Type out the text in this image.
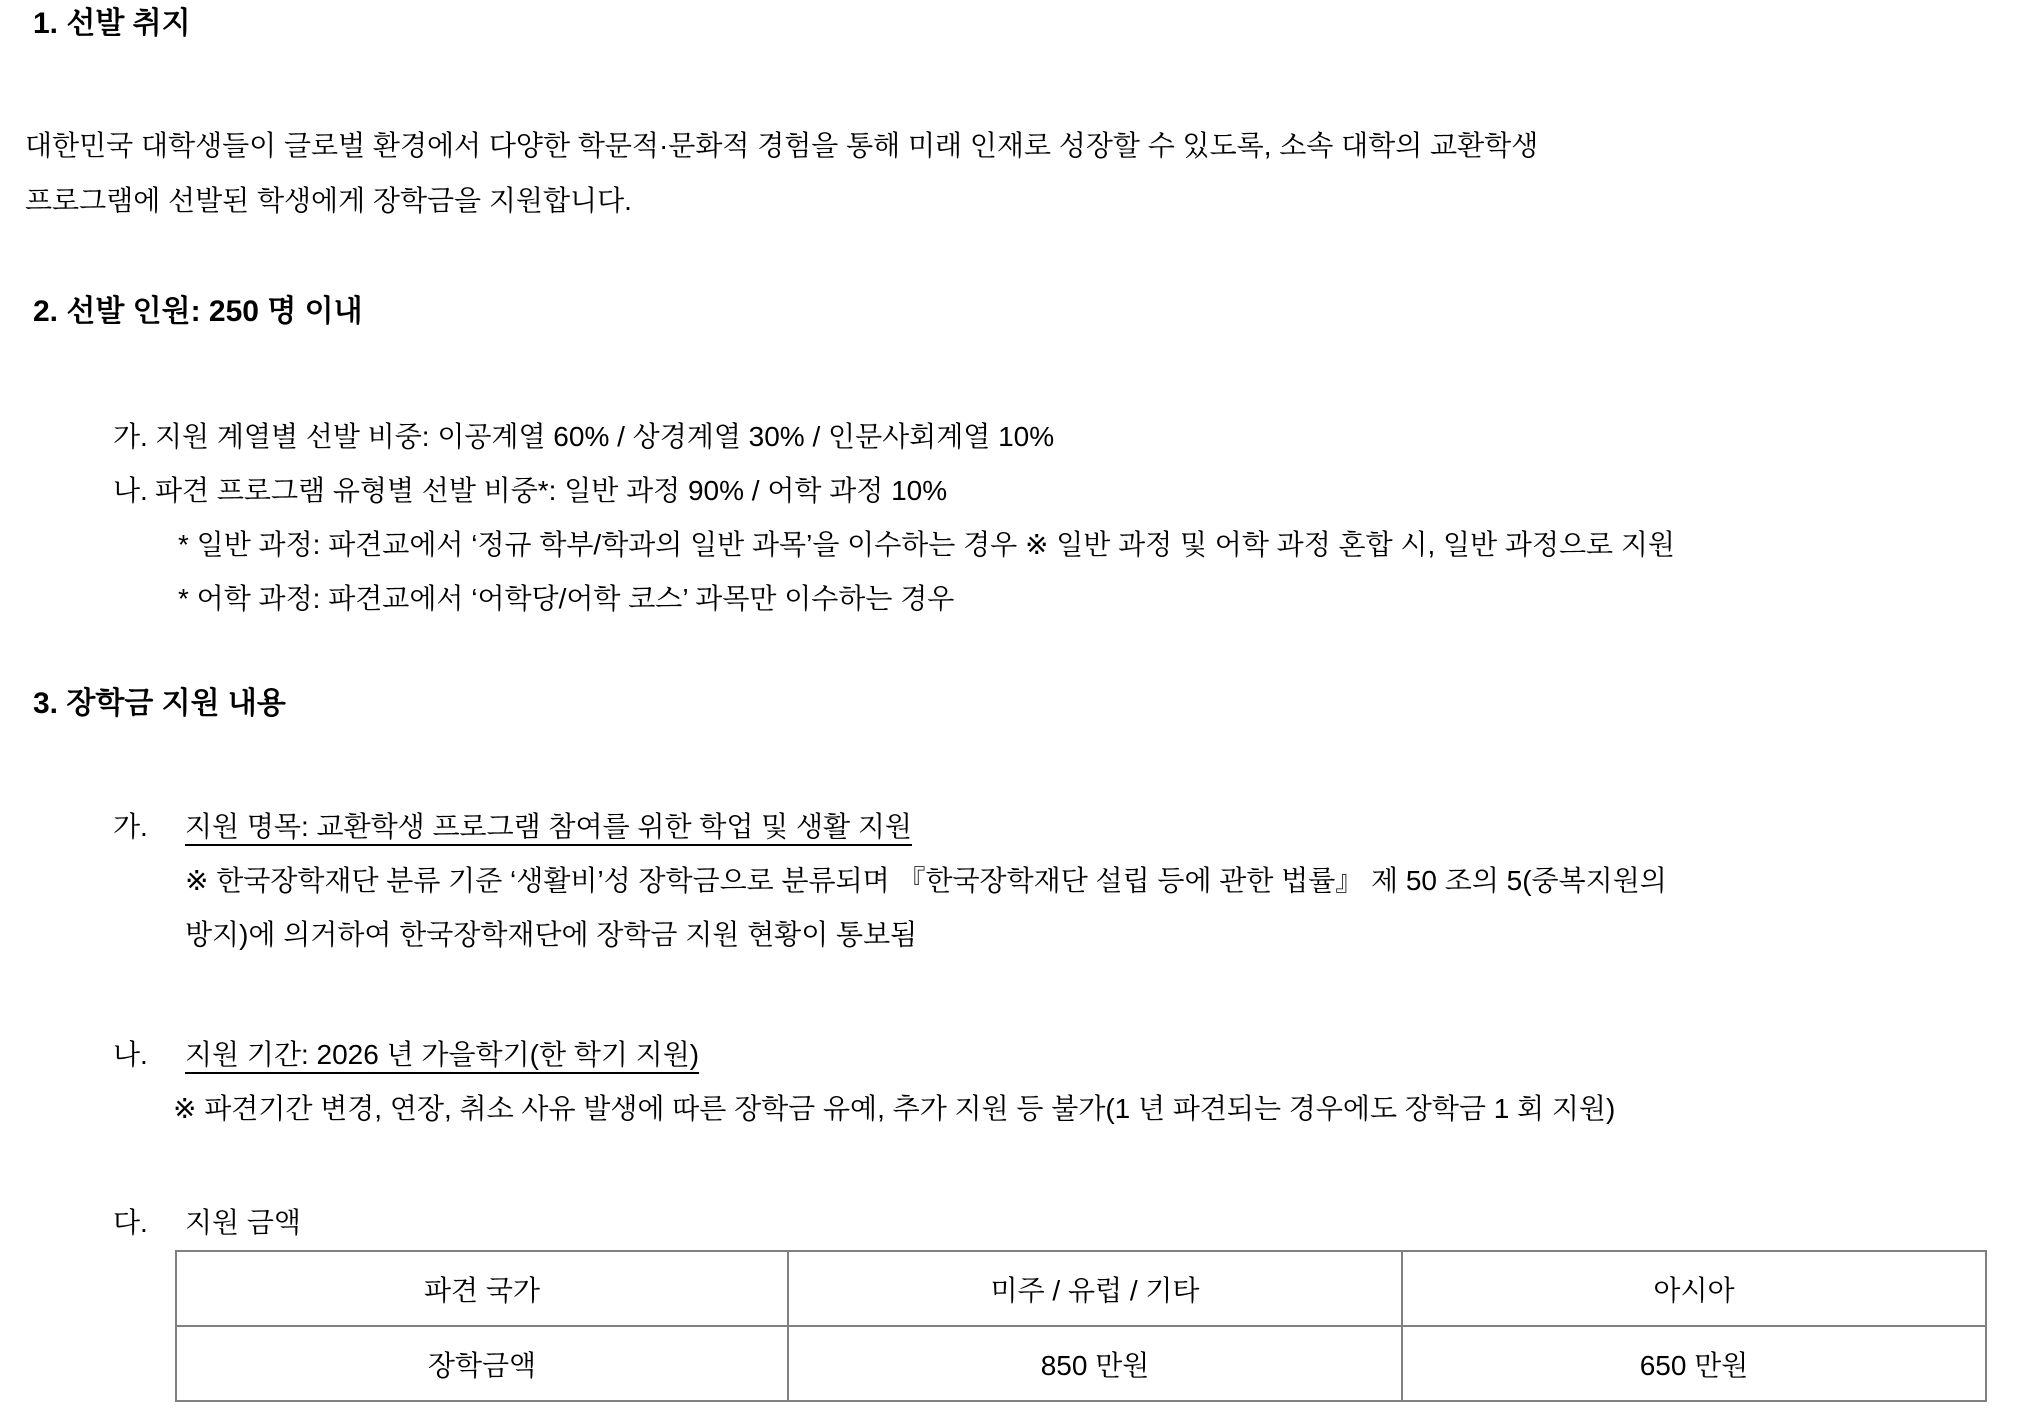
1. 선발 취지
대한민국 대학생들이 글로벌 환경에서 다양한 학문적·문화적 경험을 통해 미래 인재로 성장할 수 있도록, 소속 대학의 교환학생
프로그램에 선발된 학생에게 장학금을 지원합니다.
2. 선발 인원: 250 명 이내
가. 지원 계열별 선발 비중: 이공계열 60% / 상경계열 30% / 인문사회계열 10%
나. 파견 프로그램 유형별 선발 비중*: 일반 과정 90% / 어학 과정 10%
* 일반 과정: 파견교에서 ‘정규 학부/학과의 일반 과목’을 이수하는 경우 ※ 일반 과정 및 어학 과정 혼합 시, 일반 과정으로 지원
* 어학 과정: 파견교에서 ‘어학당/어학 코스’ 과목만 이수하는 경우
3. 장학금 지원 내용
가. 지원 명목: 교환학생 프로그램 참여를 위한 학업 및 생활 지원
※ 한국장학재단 분류 기준 ‘생활비’성 장학금으로 분류되며 『한국장학재단 설립 등에 관한 법률』 제 50 조의 5(중복지원의
방지)에 의거하여 한국장학재단에 장학금 지원 현황이 통보됨
나. 지원 기간: 2026 년 가을학기(한 학기 지원)
※ 파견기간 변경, 연장, 취소 사유 발생에 따른 장학금 유예, 추가 지원 등 불가(1 년 파견되는 경우에도 장학금 1 회 지원)
다. 지원 금액
파견 국가	미주 / 유럽 / 기타	아시아
장학금액	850 만원	650 만원
